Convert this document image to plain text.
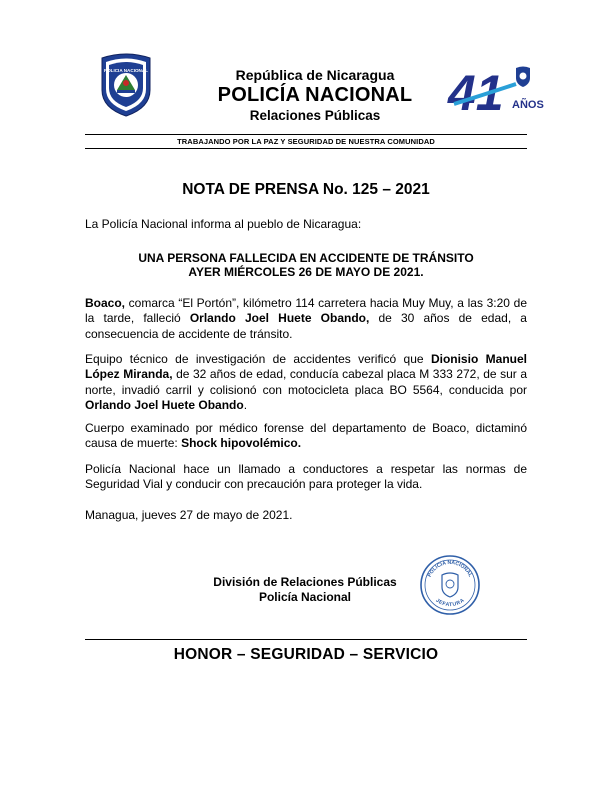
POLICIA NACIONAL	República de Nicaragua
POLICÍA NACIONAL
Relaciones Públicas	41 AÑOS
TRABAJANDO POR LA PAZ Y SEGURIDAD DE NUESTRA COMUNIDAD
NOTA DE PRENSA No. 125 – 2021
La Policía Nacional informa al pueblo de Nicaragua:
UNA PERSONA FALLECIDA EN ACCIDENTE DE TRÁNSITO
AYER MIÉRCOLES 26 DE MAYO DE 2021.

Boaco, comarca “El Portón”, kilómetro 114 carretera hacia Muy Muy, a las 3:20 de la tarde, falleció Orlando Joel Huete Obando, de 30 años de edad, a consecuencia de accidente de tránsito.

Equipo técnico de investigación de accidentes verificó que Dionisio Manuel López Miranda, de 32 años de edad, conducía cabezal placa M 333 272, de sur a norte, invadió carril y colisionó con motocicleta placa BO 5564, conducida por Orlando Joel Huete Obando.

Cuerpo examinado por médico forense del departamento de Boaco, dictaminó causa de muerte: Shock hipovolémico.

Policía Nacional hace un llamado a conductores a respetar las normas de Seguridad Vial y conducir con precaución para proteger la vida.

Managua, jueves 27 de mayo de 2021.
División de Relaciones Públicas
Policía Nacional
POLICIA NACIONAL
JEFATURA
HONOR – SEGURIDAD – SERVICIO
